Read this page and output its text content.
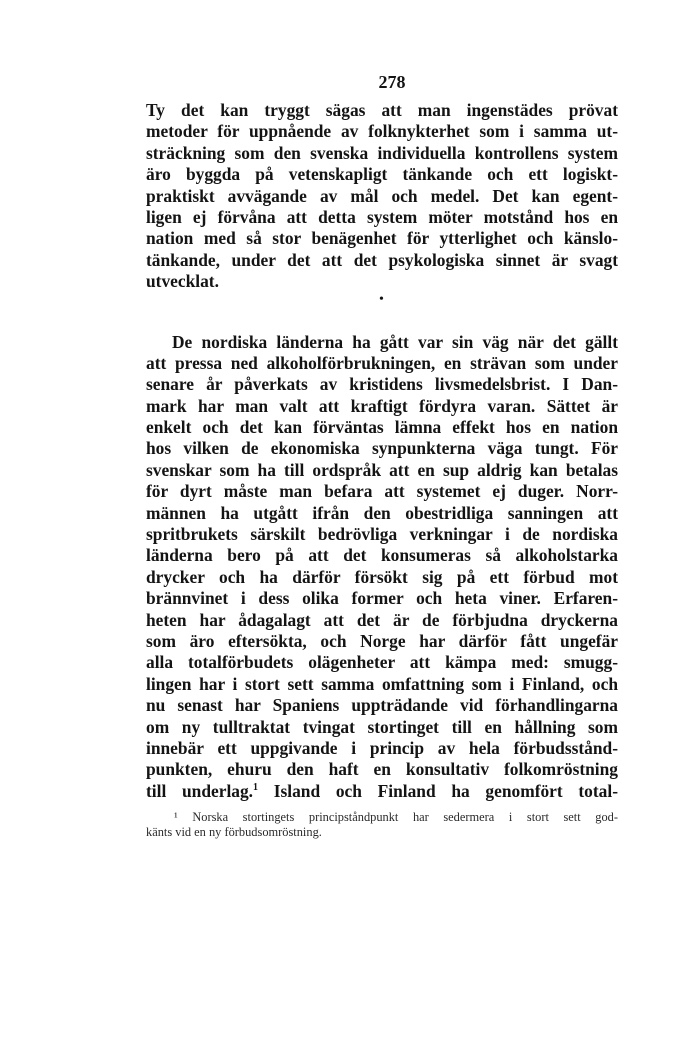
278
Ty det kan tryggt sägas att man ingenstädes prövat
metoder för uppnående av folknykterhet som i samma ut-
sträckning som den svenska individuella kontrollens system
äro byggda på vetenskapligt tänkande och ett logiskt-
praktiskt avvägande av mål och medel. Det kan egent-
ligen ej förvåna att detta system möter motstånd hos en
nation med så stor benägenhet för ytterlighet och känslo-
tänkande, under det att det psykologiska sinnet är svagt
utvecklat.
•
De nordiska länderna ha gått var sin väg när det gällt
att pressa ned alkoholförbrukningen, en strävan som under
senare år påverkats av kristidens livsmedelsbrist. I Dan-
mark har man valt att kraftigt fördyra varan. Sättet är
enkelt och det kan förväntas lämna effekt hos en nation
hos vilken de ekonomiska synpunkterna väga tungt. För
svenskar som ha till ordspråk att en sup aldrig kan betalas
för dyrt måste man befara att systemet ej duger. Norr-
männen ha utgått ifrån den obestridliga sanningen att
spritbrukets särskilt bedrövliga verkningar i de nordiska
länderna bero på att det konsumeras så alkoholstarka
drycker och ha därför försökt sig på ett förbud mot
brännvinet i dess olika former och heta viner. Erfaren-
heten har ådagalagt att det är de förbjudna dryckerna
som äro eftersökta, och Norge har därför fått ungefär
alla totalförbudets olägenheter att kämpa med: smugg-
lingen har i stort sett samma omfattning som i Finland, och
nu senast har Spaniens uppträdande vid förhandlingarna
om ny tulltraktat tvingat stortinget till en hållning som
innebär ett uppgivande i princip av hela förbudsstånd-
punkten, ehuru den haft en konsultativ folkomröstning
till underlag.$^1$ Island och Finland ha genomfört total-
¹ Norska stortingets principståndpunkt har sedermera i stort sett god-
känts vid en ny förbudsomröstning.
